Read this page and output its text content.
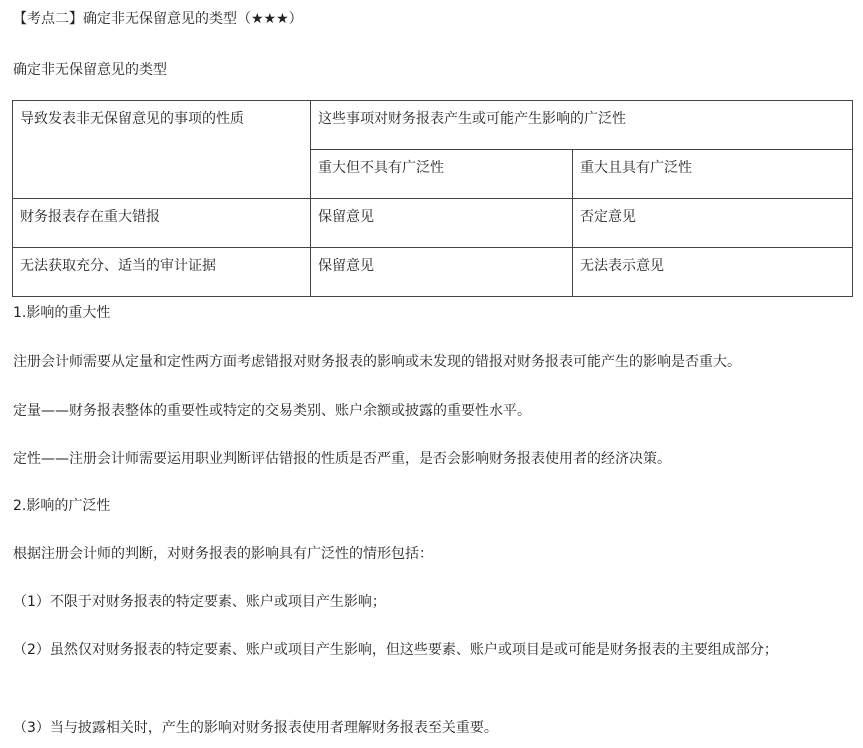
【考点二】确定非无保留意见的类型（★★★）
确定非无保留意见的类型
导致发表非无保留意见的事项的性质	这些事项对财务报表产生或可能产生影响的广泛性	
	重大但不具有广泛性	重大且具有广泛性
财务报表存在重大错报	保留意见	否定意见
无法获取充分、适当的审计证据	保留意见	无法表示意见
1.影响的重大性
注册会计师需要从定量和定性两方面考虑错报对财务报表的影响或未发现的错报对财务报表可能产生的影响是否重大。
定量——财务报表整体的重要性或特定的交易类别、账户余额或披露的重要性水平。
定性——注册会计师需要运用职业判断评估错报的性质是否严重，是否会影响财务报表使用者的经济决策。
2.影响的广泛性
根据注册会计师的判断，对财务报表的影响具有广泛性的情形包括：
（1）不限于对财务报表的特定要素、账户或项目产生影响；
（2）虽然仅对财务报表的特定要素、账户或项目产生影响，但这些要素、账户或项目是或可能是财务报表的主要组成部分；
（3）当与披露相关时，产生的影响对财务报表使用者理解财务报表至关重要。
